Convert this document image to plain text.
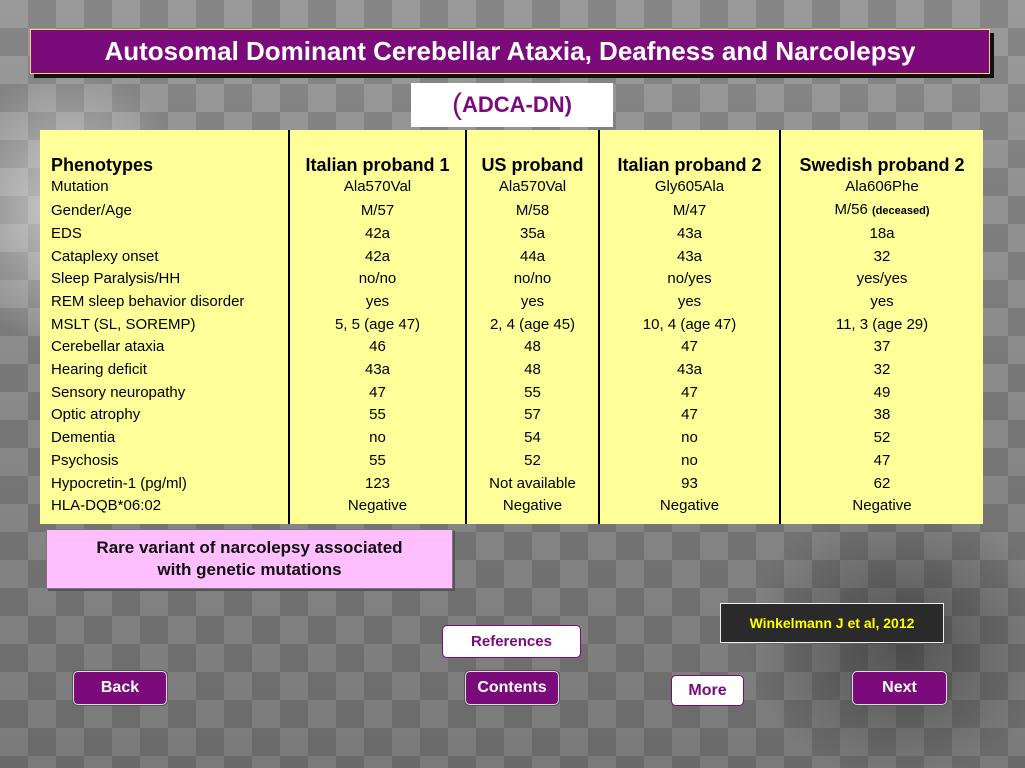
Autosomal Dominant Cerebellar Ataxia, Deafness and Narcolepsy
( ADCA-DN)
Phenotypes	Italian proband 1	US proband	Italian proband 2	Swedish proband 2
Mutation	Ala570Val	Ala570Val	Gly605Ala	Ala606Phe
Gender/Age	M/57	M/58	M/47	M/56 (deceased)
EDS	42a	35a	43a	18a
Cataplexy onset	42a	44a	43a	32
Sleep Paralysis/HH	no/no	no/no	no/yes	yes/yes
REM sleep behavior disorder	yes	yes	yes	yes
MSLT (SL, SOREMP)	5, 5 (age 47)	2, 4 (age 45)	10, 4 (age 47)	11, 3 (age 29)
Cerebellar ataxia	46	48	47	37
Hearing deficit	43a	48	43a	32
Sensory neuropathy	47	55	47	49
Optic atrophy	55	57	47	38
Dementia	no	54	no	52
Psychosis	55	52	no	47
Hypocretin-1 (pg/ml)	123	Not available	93	62
HLA-DQB*06:02	Negative	Negative	Negative	Negative
Rare variant of narcolepsy associated
with genetic mutations
Winkelmann J et al, 2012
References
Back	Contents	More	Next
